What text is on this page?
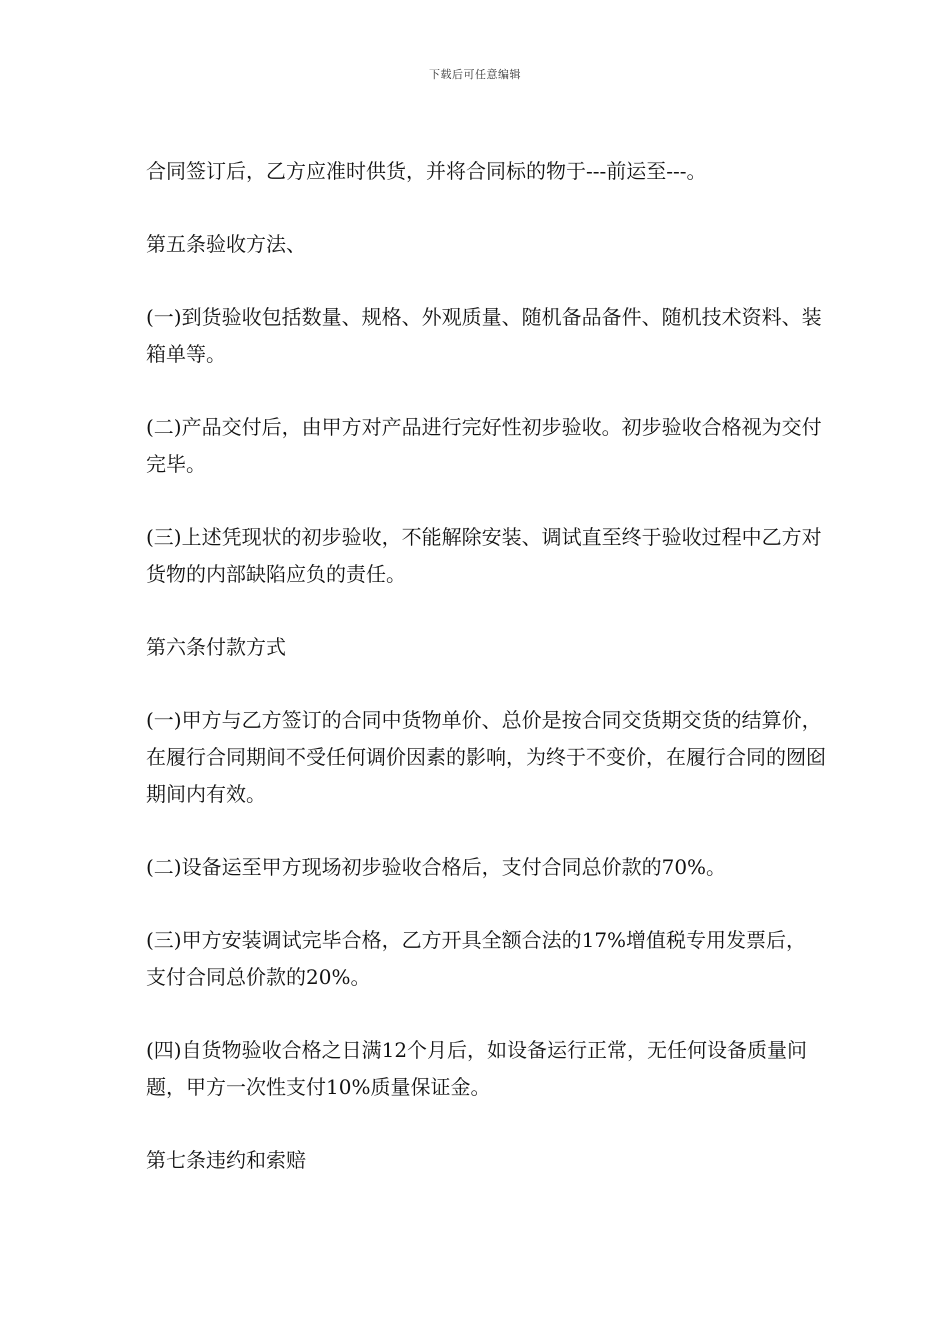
下载后可任意编辑

合同签订后，乙方应准时供货，并将合同标的物于---前运至---。

第五条验收方法、

(一)到货验收包括数量、规格、外观质量、随机备品备件、随机技术资料、装箱单等。

(二)产品交付后，由甲方对产品进行完好性初步验收。初步验收合格视为交付完毕。

(三)上述凭现状的初步验收，不能解除安装、调试直至终于验收过程中乙方对货物的内部缺陷应负的责任。

第六条付款方式

(一)甲方与乙方签订的合同中货物单价、总价是按合同交货期交货的结算价，在履行合同期间不受任何调价因素的影响，为终于不变价，在履行合同的囫囵期间内有效。

(二)设备运至甲方现场初步验收合格后，支付合同总价款的70%。

(三)甲方安装调试完毕合格，乙方开具全额合法的17%增值税专用发票后，支付合同总价款的20%。

(四)自货物验收合格之日满12个月后，如设备运行正常，无任何设备质量问题，甲方一次性支付10%质量保证金。

第七条违约和索赔
